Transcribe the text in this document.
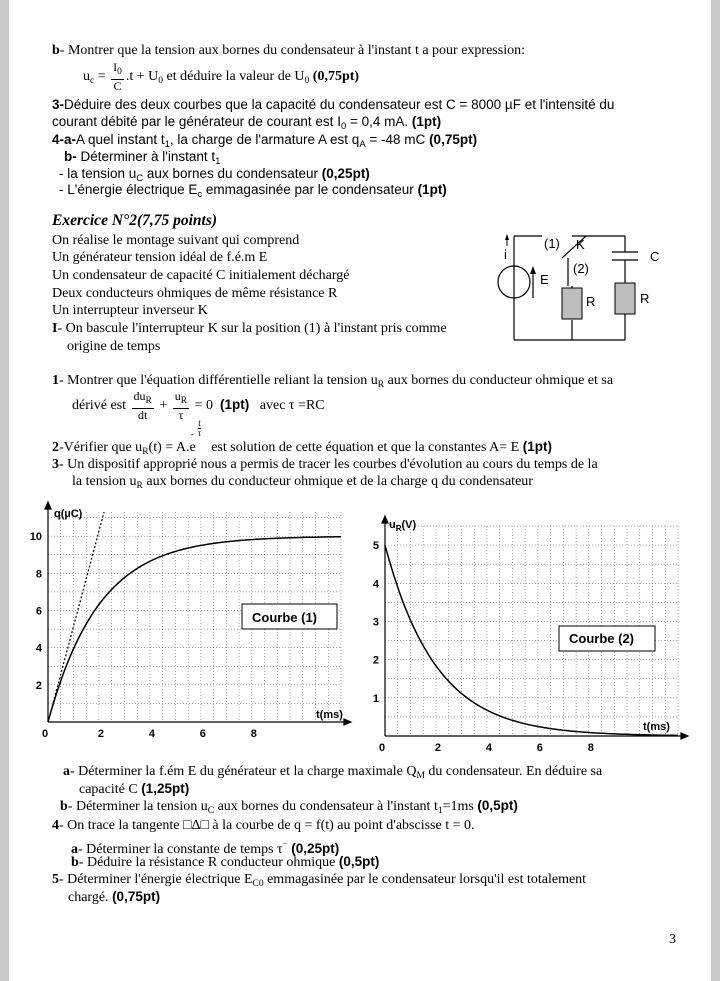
b- Montrer que la tension aux bornes du condensateur à l'instant t a pour expression:
$u_c = \frac{I_0}{C} .t + U_0$ et déduire la valeur de $U_0$ (0,75pt)
3-Déduire des deux courbes que la capacité du condensateur est C = 8000 µF et l'intensité du
courant débité par le générateur de courant est $I_0 = 0,4$ mA. (1pt)
4-a-A quel instant $t_1$, la charge de l'armature A est $q_A = -48$ mC (0,75pt)
b- Déterminer à l'instant $t_1$
- la tension $u_C$ aux bornes du condensateur (0,25pt)
- L'énergie électrique $E_c$ emmagasinée par le condensateur (1pt)
Exercice N°2(7,75 points)
On réalise le montage suivant qui comprend
Un générateur tension idéal de f.é.m E
Un condensateur de capacité C initialement déchargé
Deux conducteurs ohmiques de même résistance R
Un interrupteur inverseur K
I- On bascule l'interrupteur K sur la position (1) à l'instant pris comme
origine de temps
i
(1) K
C
E
(2)
R	R
1- Montrer que l'équation différentielle reliant la tension $u_R$ aux bornes du conducteur ohmique et sa
dérivé est $\frac{du_R}{dt} + \frac{u_R}{\tau} = 0$ (1pt) avec τ =RC
2-Vérifier que $u_R(t) = A.e$
-
t
τ
est solution de cette équation et que la constantes A= E (1pt)
3- Un dispositif approprié nous a permis de tracer les courbes d'évolution au cours du temps de la
la tension $u_R$ aux bornes du conducteur ohmique et de la charge q du condensateur
2
4
6
8
10
0	2	4	6	8
q(µC)
t(ms)
Courbe (1)
1
2
3
4
5
0	2	4	6	8
$u_R(V)$
t(ms)
Courbe (2)
a- Déterminer la f.ém E du générateur et la charge maximale $Q_M$ du condensateur. En déduire sa
capacité C (1,25pt)
b- Déterminer la tension $u_C$ aux bornes du condensateur à l'instant $t_1=1ms$ (0,5pt)
4- On trace la tangente □Δ□ à la courbe de q = f(t) au point d'abscisse t = 0.
a- Déterminer la constante de temps τ− (0,25pt)
b- Déduire la résistance R conducteur ohmique (0,5pt)
5- Déterminer l'énergie électrique $E_{C0}$ emmagasinée par le condensateur lorsqu'il est totalement
chargé. (0,75pt)
3
